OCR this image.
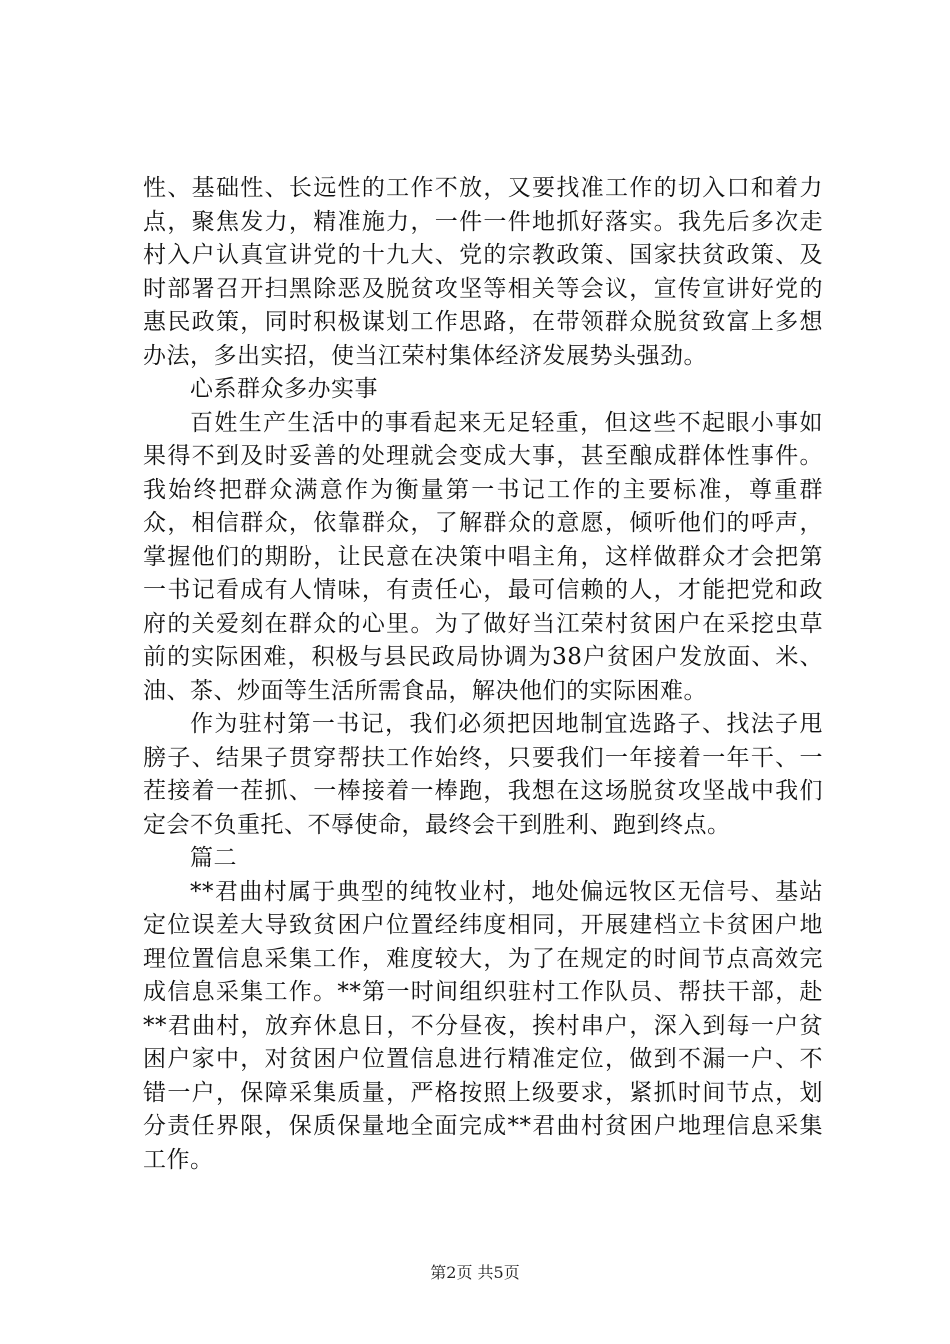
性、基础性、长远性的工作不放，又要找准工作的切入口和着力点，聚焦发力，精准施力，一件一件地抓好落实。我先后多次走村入户认真宣讲党的十九大、党的宗教政策、国家扶贫政策、及时部署召开扫黑除恶及脱贫攻坚等相关等会议，宣传宣讲好党的惠民政策，同时积极谋划工作思路，在带领群众脱贫致富上多想办法，多出实招，使当江荣村集体经济发展势头强劲。

心系群众多办实事

百姓生产生活中的事看起来无足轻重，但这些不起眼小事如果得不到及时妥善的处理就会变成大事，甚至酿成群体性事件。我始终把群众满意作为衡量第一书记工作的主要标准，尊重群众，相信群众，依靠群众，了解群众的意愿，倾听他们的呼声，掌握他们的期盼，让民意在决策中唱主角，这样做群众才会把第一书记看成有人情味，有责任心，最可信赖的人，才能把党和政府的关爱刻在群众的心里。为了做好当江荣村贫困户在采挖虫草前的实际困难，积极与县民政局协调为38户贫困户发放面、米、油、茶、炒面等生活所需食品，解决他们的实际困难。

作为驻村第一书记，我们必须把因地制宜选路子、找法子甩膀子、结果子贯穿帮扶工作始终，只要我们一年接着一年干、一茬接着一茬抓、一棒接着一棒跑，我想在这场脱贫攻坚战中我们定会不负重托、不辱使命，最终会干到胜利、跑到终点。

篇二

**君曲村属于典型的纯牧业村，地处偏远牧区无信号、基站定位误差大导致贫困户位置经纬度相同，开展建档立卡贫困户地理位置信息采集工作，难度较大，为了在规定的时间节点高效完成信息采集工作。**第一时间组织驻村工作队员、帮扶干部，赴**君曲村，放弃休息日，不分昼夜，挨村串户，深入到每一户贫困户家中，对贫困户位置信息进行精准定位，做到不漏一户、不错一户，保障采集质量，严格按照上级要求，紧抓时间节点，划分责任界限，保质保量地全面完成**君曲村贫困户地理信息采集工作。

第2页 共5页
